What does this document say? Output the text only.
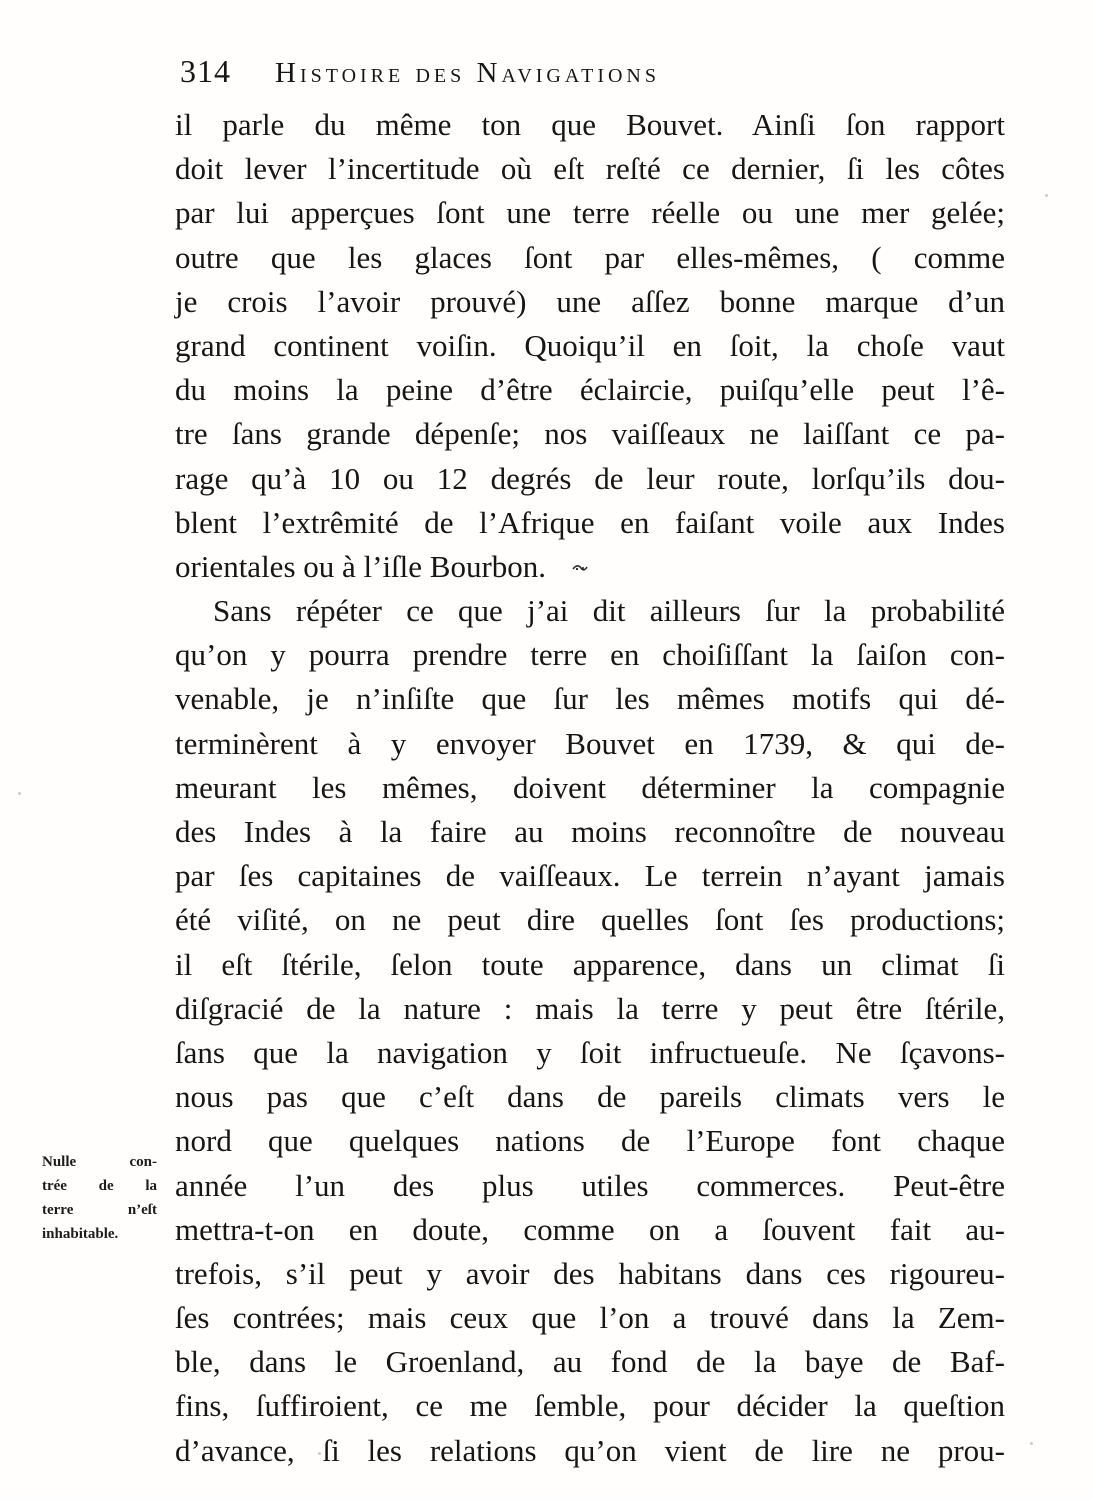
314 Histoire des Navigations
il parle du même ton que Bouvet. Ainſi ſon rapport
doit lever l’incertitude où eſt reſté ce dernier, ſi les côtes
par lui apperçues ſont une terre réelle ou une mer gelée;
outre que les glaces ſont par elles-mêmes, ( comme
je crois l’avoir prouvé) une aſſez bonne marque d’un
grand continent voiſin. Quoiqu’il en ſoit, la choſe vaut
du moins la peine d’être éclaircie, puiſqu’elle peut l’ê-
tre ſans grande dépenſe; nos vaiſſeaux ne laiſſant ce pa-
rage qu’à 10 ou 12 degrés de leur route, lorſqu’ils dou-
blent l’extrêmité de l’Afrique en faiſant voile aux Indes
orientales ou à l’iſle Bourbon.
Sans répéter ce que j’ai dit ailleurs ſur la probabilité
qu’on y pourra prendre terre en choiſiſſant la ſaiſon con-
venable, je n’inſiſte que ſur les mêmes motifs qui dé-
terminèrent à y envoyer Bouvet en 1739, & qui de-
meurant les mêmes, doivent déterminer la compagnie
des Indes à la faire au moins reconnoître de nouveau
par ſes capitaines de vaiſſeaux. Le terrein n’ayant jamais
été viſité, on ne peut dire quelles ſont ſes productions;
il eſt ſtérile, ſelon toute apparence, dans un climat ſi
diſgracié de la nature : mais la terre y peut être ſtérile,
ſans que la navigation y ſoit infructueuſe. Ne ſçavons-
nous pas que c’eſt dans de pareils climats vers le
nord que quelques nations de l’Europe font chaque
année l’un des plus utiles commerces. Peut-être
mettra-t-on en doute, comme on a ſouvent fait au-
trefois, s’il peut y avoir des habitans dans ces rigoureu-
ſes contrées; mais ceux que l’on a trouvé dans la Zem-
ble, dans le Groenland, au fond de la baye de Baf-
fins, ſuffiroient, ce me ſemble, pour décider la queſtion
d’avance, ſi les relations qu’on vient de lire ne prou-
Nulle con-
trée de la
terre n’eſt
inhabitable.
